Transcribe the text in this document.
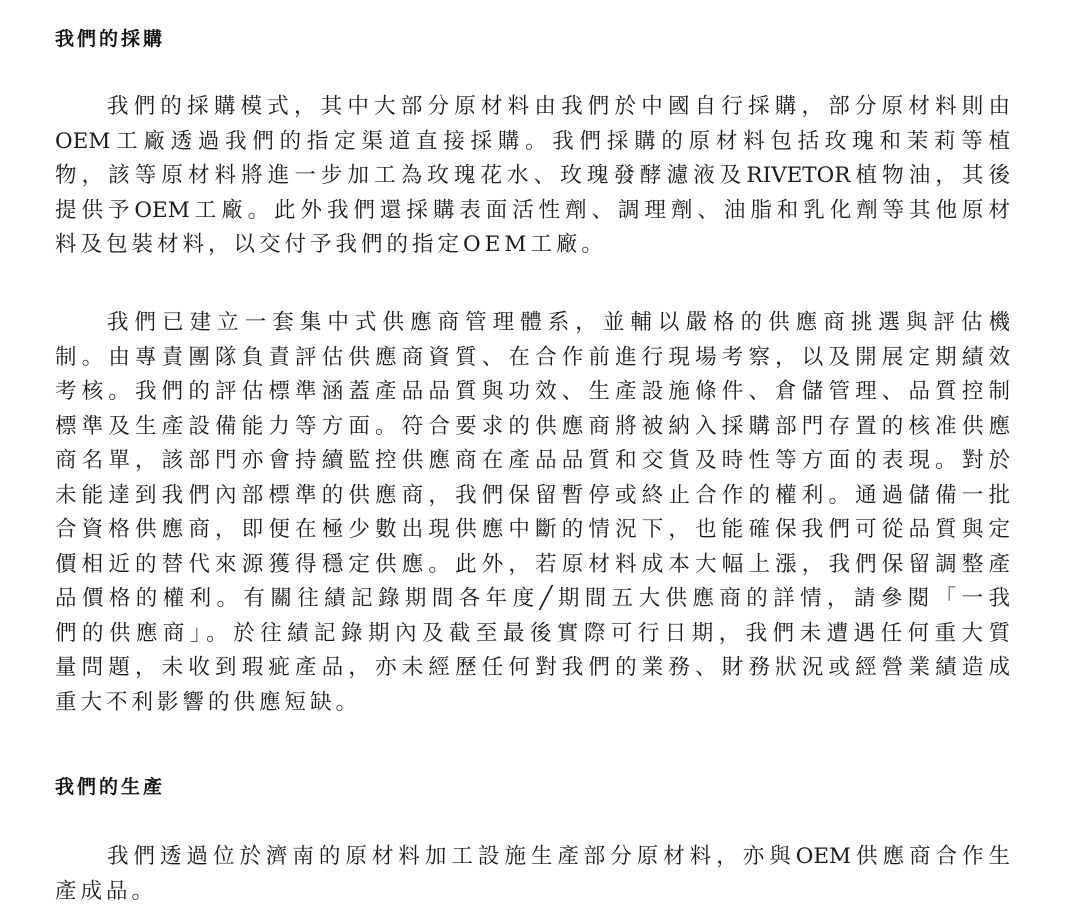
我們的採購
我們的採購模式，其中大部分原材料由我們於中國自行採購，部分原材料則由
OEM工廠透過我們的指定渠道直接採購。我們採購的原材料包括玫瑰和茉莉等植
物，該等原材料將進一步加工為玫瑰花水、玫瑰發酵濾液及RIVETOR植物油，其後
提供予OEM工廠。此外我們還採購表面活性劑、調理劑、油脂和乳化劑等其他原材
料及包裝材料，以交付予我們的指定OEM工廠。
我們已建立一套集中式供應商管理體系，並輔以嚴格的供應商挑選與評估機
制。由專責團隊負責評估供應商資質、在合作前進行現場考察，以及開展定期績效
考核。我們的評估標準涵蓋產品品質與功效、生產設施條件、倉儲管理、品質控制
標準及生產設備能力等方面。符合要求的供應商將被納入採購部門存置的核准供應
商名單，該部門亦會持續監控供應商在產品品質和交貨及時性等方面的表現。對於
未能達到我們內部標準的供應商，我們保留暫停或終止合作的權利。通過儲備一批
合資格供應商，即便在極少數出現供應中斷的情況下，也能確保我們可從品質與定
價相近的替代來源獲得穩定供應。此外，若原材料成本大幅上漲，我們保留調整產
品價格的權利。有關往績記錄期間各年度╱期間五大供應商的詳情，請參閱「一我
們的供應商」。於往績記錄期內及截至最後實際可行日期，我們未遭遇任何重大質
量問題，未收到瑕疵產品，亦未經歷任何對我們的業務、財務狀況或經營業績造成
重大不利影響的供應短缺。
我們的生產
我們透過位於濟南的原材料加工設施生產部分原材料，亦與OEM供應商合作生
產成品。
